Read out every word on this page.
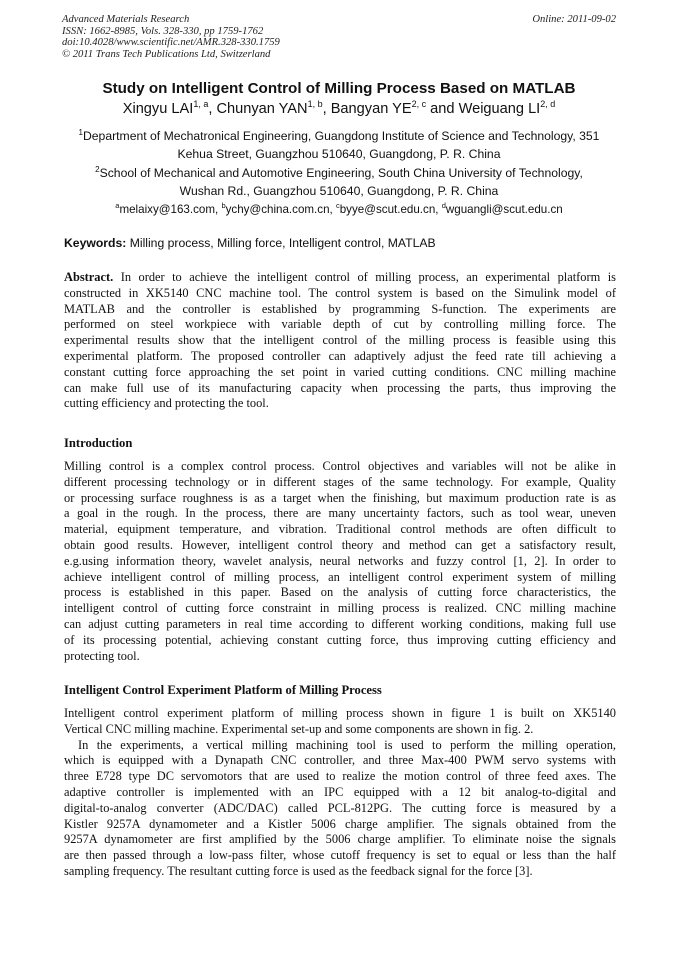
Advanced Materials Research
ISSN: 1662-8985, Vols. 328-330, pp 1759-1762
doi:10.4028/www.scientific.net/AMR.328-330.1759
© 2011 Trans Tech Publications Ltd, Switzerland
Online: 2011-09-02
Study on Intelligent Control of Milling Process Based on MATLAB
Xingyu LAI$^{1, a}$, Chunyan YAN$^{1, b}$, Bangyan YE$^{2, c}$ and Weiguang LI$^{2, d}$
$^1$Department of Mechatronical Engineering, Guangdong Institute of Science and Technology, 351
Kehua Street, Guangzhou 510640, Guangdong, P. R. China
$^2$School of Mechanical and Automotive Engineering, South China University of Technology,
Wushan Rd., Guangzhou 510640, Guangdong, P. R. China
$^a$melaixy@163.com, $^b$ychy@china.com.cn, $^c$byye@scut.edu.cn, $^d$wguangli@scut.edu.cn
Keywords: Milling process, Milling force, Intelligent control, MATLAB
Abstract. In order to achieve the intelligent control of milling process, an experimental platform is
constructed in XK5140 CNC machine tool. The control system is based on the Simulink model of
MATLAB and the controller is established by programming S-function. The experiments are
performed on steel workpiece with variable depth of cut by controlling milling force. The
experimental results show that the intelligent control of the milling process is feasible using this
experimental platform. The proposed controller can adaptively adjust the feed rate till achieving a
constant cutting force approaching the set point in varied cutting conditions. CNC milling machine
can make full use of its manufacturing capacity when processing the parts, thus improving the
cutting efficiency and protecting the tool.
Introduction
Milling control is a complex control process. Control objectives and variables will not be alike in
different processing technology or in different stages of the same technology. For example, Quality
or processing surface roughness is as a target when the finishing, but maximum production rate is as
a goal in the rough. In the process, there are many uncertainty factors, such as tool wear, uneven
material, equipment temperature, and vibration. Traditional control methods are often difficult to
obtain good results. However, intelligent control theory and method can get a satisfactory result,
e.g.using information theory, wavelet analysis, neural networks and fuzzy control [1, 2]. In order to
achieve intelligent control of milling process, an intelligent control experiment system of milling
process is established in this paper. Based on the analysis of cutting force characteristics, the
intelligent control of cutting force constraint in milling process is realized. CNC milling machine
can adjust cutting parameters in real time according to different working conditions, making full use
of its processing potential, achieving constant cutting force, thus improving cutting efficiency and
protecting tool.
Intelligent Control Experiment Platform of Milling Process
Intelligent control experiment platform of milling process shown in figure 1 is built on XK5140
Vertical CNC milling machine. Experimental set-up and some components are shown in fig. 2.
In the experiments, a vertical milling machining tool is used to perform the milling operation,
which is equipped with a Dynapath CNC controller, and three Max-400 PWM servo systems with
three E728 type DC servomotors that are used to realize the motion control of three feed axes. The
adaptive controller is implemented with an IPC equipped with a 12 bit analog-to-digital and
digital-to-analog converter (ADC/DAC) called PCL-812PG. The cutting force is measured by a
Kistler 9257A dynamometer and a Kistler 5006 charge amplifier. The signals obtained from the
9257A dynamometer are first amplified by the 5006 charge amplifier. To eliminate noise the signals
are then passed through a low-pass filter, whose cutoff frequency is set to equal or less than the half
sampling frequency. The resultant cutting force is used as the feedback signal for the force [3].
